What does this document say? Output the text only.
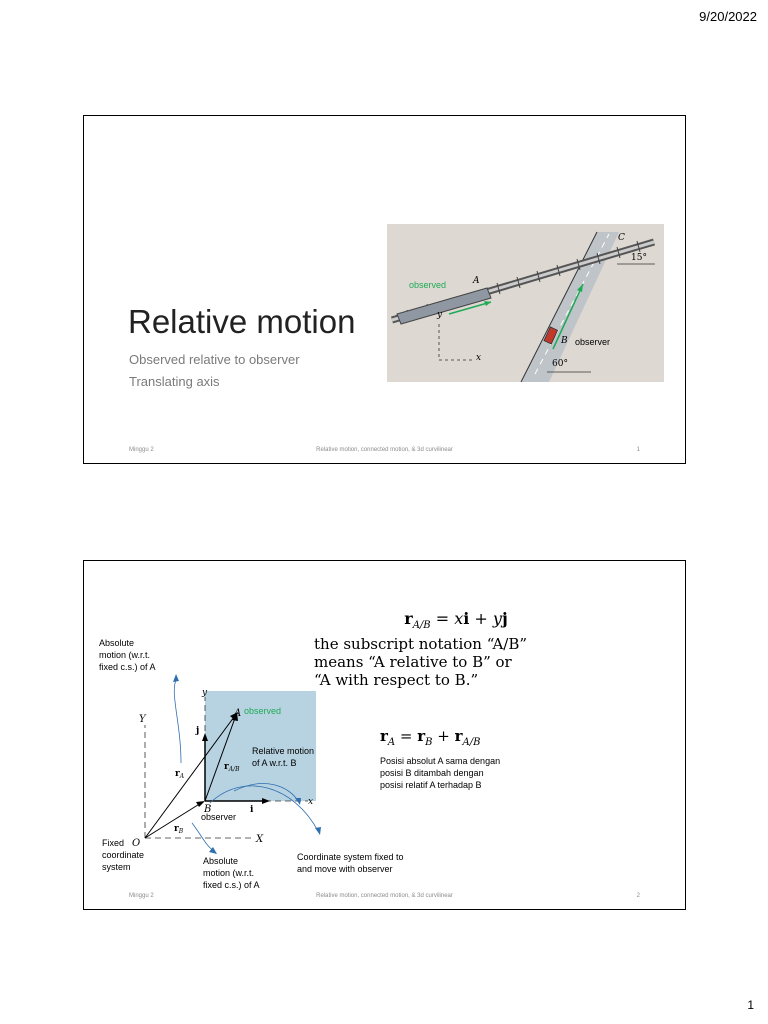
9/20/2022
Relative motion
Observed relative to observer
Translating axis
observed
observer
A
B
C
15°
60°
y
x
Minggu 2	Relative motion, connected motion, & 3d curvilinear	1
$r_{A/B}$ = xi + yj
the subscript notation “A/B”
means “A relative to B” or
“A with respect to B.”
$r_A = r_B + r_{A/B}$
Posisi absolut A sama dengan
posisi B ditambah dengan
posisi relatif A terhadap B
Y
X
O
y
x
A
B
j
i
$r_A$
$r_B$
$r_{A/B}$
Absolute
motion (w.r.t.
fixed c.s.) of A
observed
Relative motion
of A w.r.t. B
observer
Fixed
coordinate
system
Absolute
motion (w.r.t.
fixed c.s.) of A
Coordinate system fixed to
and move with observer
Minggu 2	Relative motion, connected motion, & 3d curvilinear	2
1
